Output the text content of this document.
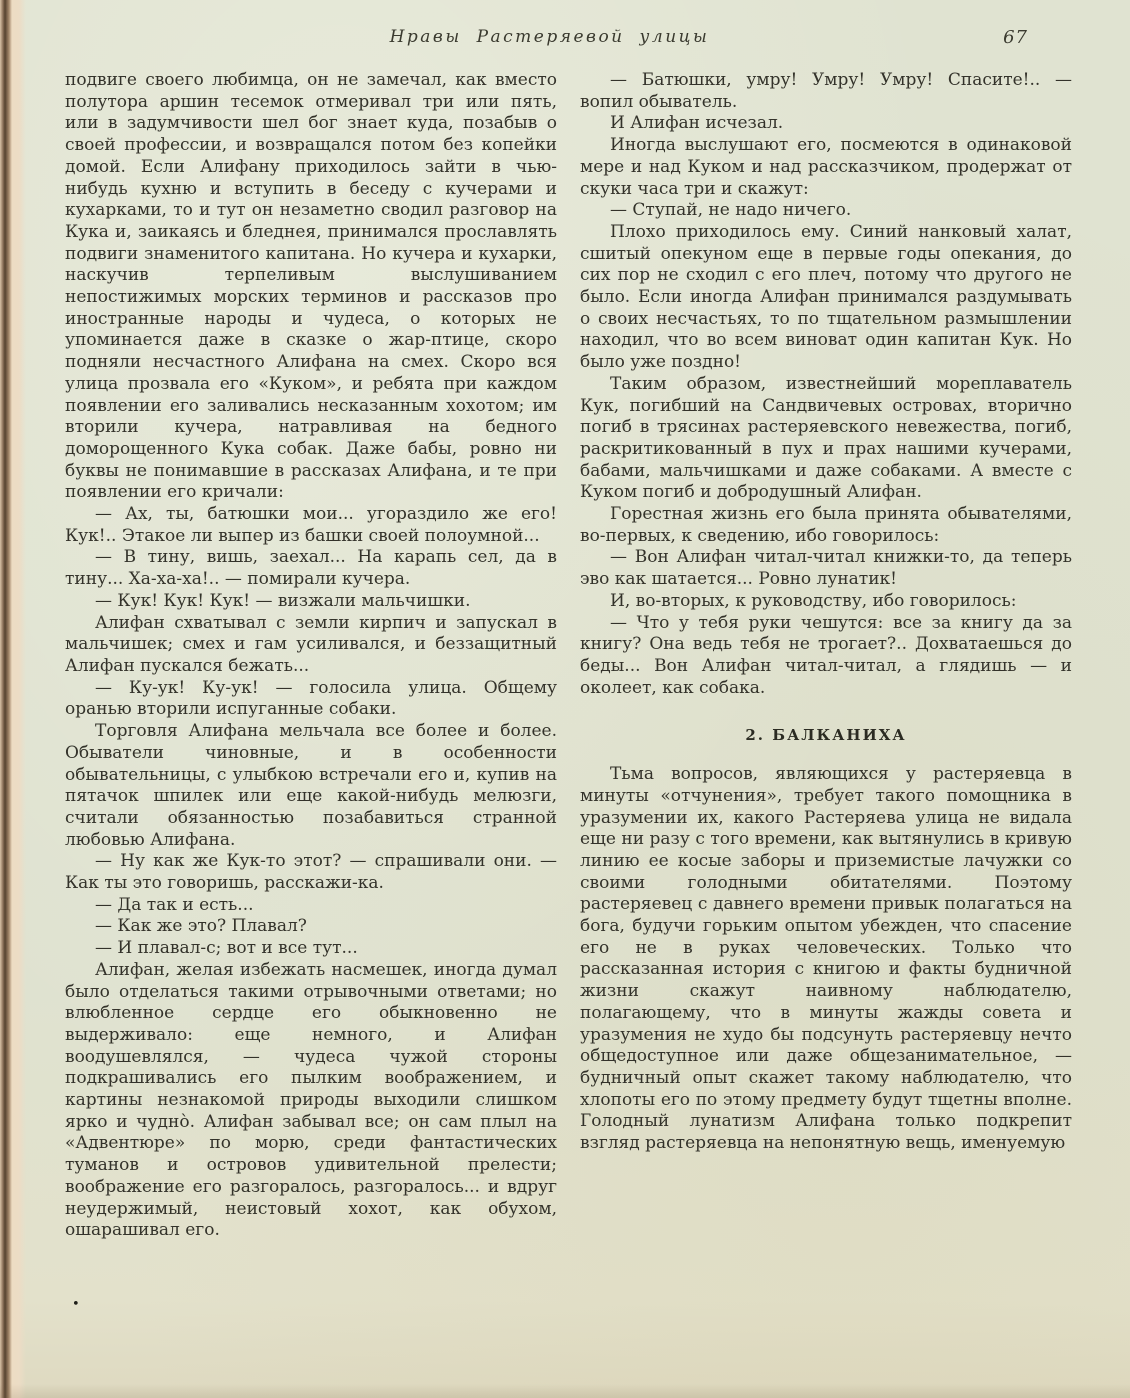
Нравы Растеряевой улицы	67

подвиге своего любимца, он не замечал, как вместо полутора аршин тесемок отмеривал три или пять, или в задумчивости шел бог знает куда, позабыв о своей профессии, и возвращался потом без копейки домой. Если Алифану приходилось зайти в чью-нибудь кухню и вступить в беседу с кучерами и кухарками, то и тут он незаметно сводил разговор на Кука и, заикаясь и бледнея, принимался прославлять подвиги знаменитого капитана. Но кучера и кухарки, наскучив терпеливым выслушиванием непостижимых морских терминов и рассказов про иностранные народы и чудеса, о которых не упоминается даже в сказке о жар-птице, скоро подняли несчастного Алифана на смех. Скоро вся улица прозвала его «Куком», и ребята при каждом появлении его заливались несказанным хохотом; им вторили кучера, натравливая на бедного доморощенного Кука собак. Даже бабы, ровно ни буквы не понимавшие в рассказах Алифана, и те при появлении его кричали:

— Ах, ты, батюшки мои... угораздило же его! Кук!.. Этакое ли выпер из башки своей полоумной...

— В тину, вишь, заехал... На карапь сел, да в тину... Ха-ха-ха!.. — помирали кучера.

— Кук! Кук! Кук! — визжали мальчишки.

Алифан схватывал с земли кирпич и запускал в мальчишек; смех и гам усиливался, и беззащитный Алифан пускался бежать...

— Ку-ук! Ку-ук! — голосила улица. Общему оранью вторили испуганные собаки.

Торговля Алифана мельчала все более и более. Обыватели чиновные, и в особенности обывательницы, с улыбкою встречали его и, купив на пятачок шпилек или еще какой-нибудь мелюзги, считали обязанностью позабавиться странной любовью Алифана.

— Ну как же Кук-то этот? — спрашивали они. — Как ты это говоришь, расскажи-ка.

— Да так и есть...

— Как же это? Плавал?

— И плавал-с; вот и все тут...

Алифан, желая избежать насмешек, иногда думал было отделаться такими отрывочными ответами; но влюбленное сердце его обыкновенно не выдерживало: еще немного, и Алифан воодушевлялся, — чудеса чужой стороны подкрашивались его пылким воображением, и картины незнакомой природы выходили слишком ярко и чудно̀. Алифан забывал все; он сам плыл на «Адвентюре» по морю, среди фантастических туманов и островов удивительной прелести; воображение его разгоралось, разгоралось... и вдруг неудержимый, неистовый хохот, как обухом, ошарашивал его.

— Батюшки, умру! Умру! Умру! Спасите!.. — вопил обыватель.

И Алифан исчезал.

Иногда выслушают его, посмеются в одинаковой мере и над Куком и над рассказчиком, продержат от скуки часа три и скажут:

— Ступай, не надо ничего.

Плохо приходилось ему. Синий нанковый халат, сшитый опекуном еще в первые годы опекания, до сих пор не сходил с его плеч, потому что другого не было. Если иногда Алифан принимался раздумывать о своих несчастьях, то по тщательном размышлении находил, что во всем виноват один капитан Кук. Но было уже поздно!

Таким образом, известнейший мореплаватель Кук, погибший на Сандвичевых островах, вторично погиб в трясинах растеряевского невежества, погиб, раскритикованный в пух и прах нашими кучерами, бабами, мальчишками и даже собаками. А вместе с Куком погиб и добродушный Алифан.

Горестная жизнь его была принята обывателями, во-первых, к сведению, ибо говорилось:

— Вон Алифан читал-читал книжки-то, да теперь эво как шатается... Ровно лунатик!

И, во-вторых, к руководству, ибо говорилось:

— Что у тебя руки чешутся: все за книгу да за книгу? Она ведь тебя не трогает?.. Дохватаешься до беды... Вон Алифан читал-читал, а глядишь — и околеет, как собака.

2. БАЛКАНИХА

Тьма вопросов, являющихся у растеряевца в минуты «отчунения», требует такого помощника в уразумении их, какого Растеряева улица не видала еще ни разу с того времени, как вытянулись в кривую линию ее косые заборы и приземистые лачужки со своими голодными обитателями. Поэтому растеряевец с давнего времени привык полагаться на бога, будучи горьким опытом убежден, что спасение его не в руках человеческих. Только что рассказанная история с книгою и факты будничной жизни скажут наивному наблюдателю, полагающему, что в минуты жажды совета и уразумения не худо бы подсунуть растеряевцу нечто общедоступное или даже общезанимательное, — будничный опыт скажет такому наблюдателю, что хлопоты его по этому предмету будут тщетны вполне. Голодный лунатизм Алифана только подкрепит взгляд растеряевца на непонятную вещь, именуемую

•
